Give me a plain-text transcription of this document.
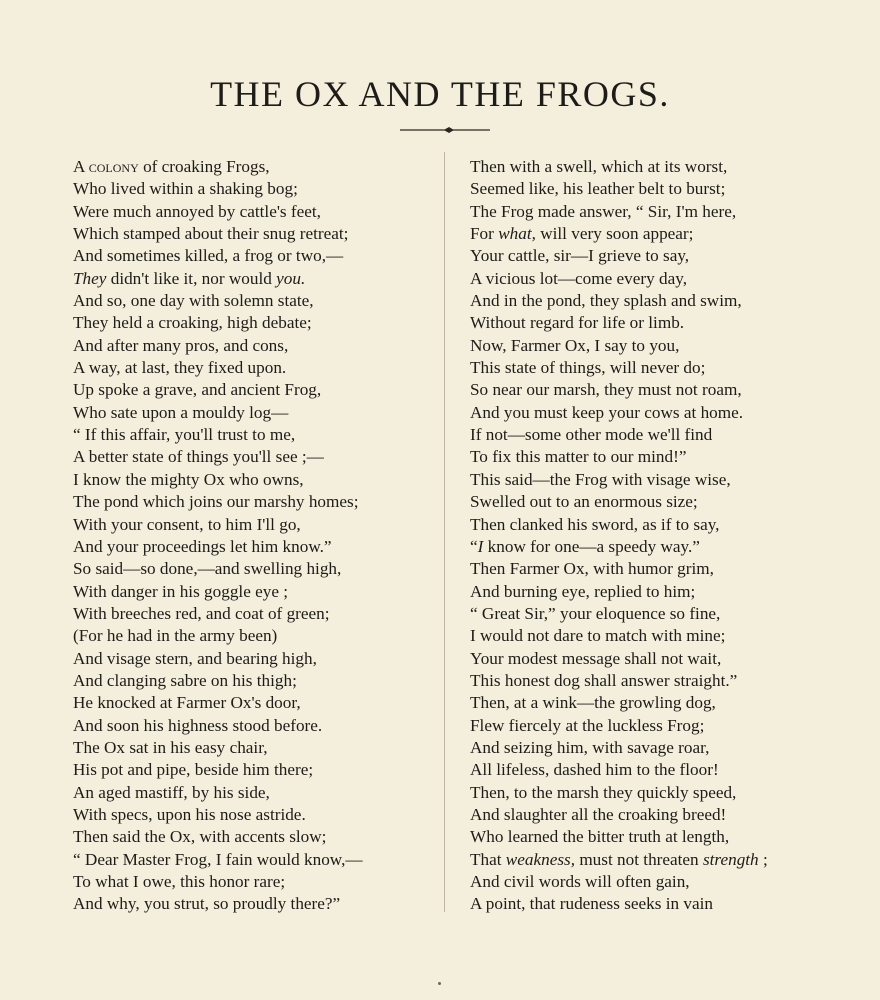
THE OX AND THE FROGS.
A colony of croaking Frogs,
Who lived within a shaking bog;
Were much annoyed by cattle's feet,
Which stamped about their snug retreat;
And sometimes killed, a frog or two,—
They didn't like it, nor would you.
And so, one day with solemn state,
They held a croaking, high debate;
And after many pros, and cons,
A way, at last, they fixed upon.
Up spoke a grave, and ancient Frog,
Who sate upon a mouldy log—
“ If this affair, you'll trust to me,
A better state of things you'll see ;—
I know the mighty Ox who owns,
The pond which joins our marshy homes;
With your consent, to him I'll go,
And your proceedings let him know.”
So said—so done,—and swelling high,
With danger in his goggle eye ;
With breeches red, and coat of green;
(For he had in the army been)
And visage stern, and bearing high,
And clanging sabre on his thigh;
He knocked at Farmer Ox's door,
And soon his highness stood before.
The Ox sat in his easy chair,
His pot and pipe, beside him there;
An aged mastiff, by his side,
With specs, upon his nose astride.
Then said the Ox, with accents slow;
“ Dear Master Frog, I fain would know,—
To what I owe, this honor rare;
And why, you strut, so proudly there?”
Then with a swell, which at its worst,
Seemed like, his leather belt to burst;
The Frog made answer, “ Sir, I'm here,
For what, will very soon appear;
Your cattle, sir—I grieve to say,
A vicious lot—come every day,
And in the pond, they splash and swim,
Without regard for life or limb.
Now, Farmer Ox, I say to you,
This state of things, will never do;
So near our marsh, they must not roam,
And you must keep your cows at home.
If not—some other mode we'll find
To fix this matter to our mind!”
This said—the Frog with visage wise,
Swelled out to an enormous size;
Then clanked his sword, as if to say,
“I know for one—a speedy way.”
Then Farmer Ox, with humor grim,
And burning eye, replied to him;
“ Great Sir,” your eloquence so fine,
I would not dare to match with mine;
Your modest message shall not wait,
This honest dog shall answer straight.”
Then, at a wink—the growling dog,
Flew fiercely at the luckless Frog;
And seizing him, with savage roar,
All lifeless, dashed him to the floor!
Then, to the marsh they quickly speed,
And slaughter all the croaking breed!
Who learned the bitter truth at length,
That weakness, must not threaten strength ;
And civil words will often gain,
A point, that rudeness seeks in vain
